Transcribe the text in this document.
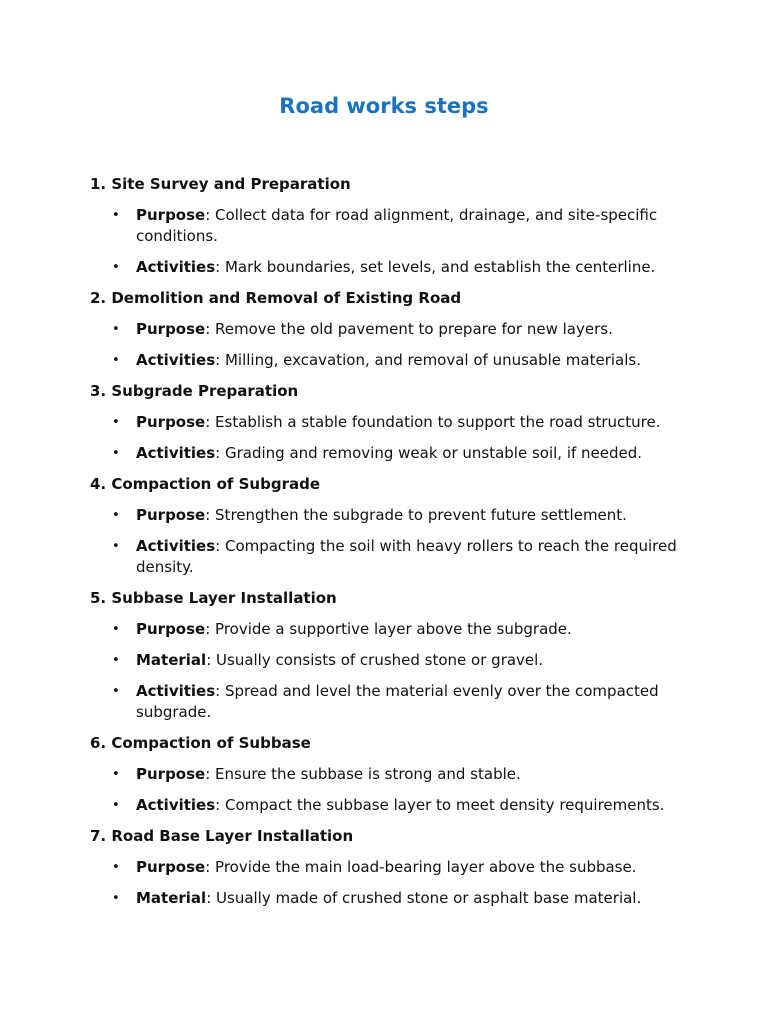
Road works steps
1. Site Survey and Preparation
• Purpose: Collect data for road alignment, drainage, and site-specific conditions.
• Activities: Mark boundaries, set levels, and establish the centerline.
2. Demolition and Removal of Existing Road
• Purpose: Remove the old pavement to prepare for new layers.
• Activities: Milling, excavation, and removal of unusable materials.
3. Subgrade Preparation
• Purpose: Establish a stable foundation to support the road structure.
• Activities: Grading and removing weak or unstable soil, if needed.
4. Compaction of Subgrade
• Purpose: Strengthen the subgrade to prevent future settlement.
• Activities: Compacting the soil with heavy rollers to reach the required density.
5. Subbase Layer Installation
• Purpose: Provide a supportive layer above the subgrade.
• Material: Usually consists of crushed stone or gravel.
• Activities: Spread and level the material evenly over the compacted subgrade.
6. Compaction of Subbase
• Purpose: Ensure the subbase is strong and stable.
• Activities: Compact the subbase layer to meet density requirements.
7. Road Base Layer Installation
• Purpose: Provide the main load-bearing layer above the subbase.
• Material: Usually made of crushed stone or asphalt base material.
